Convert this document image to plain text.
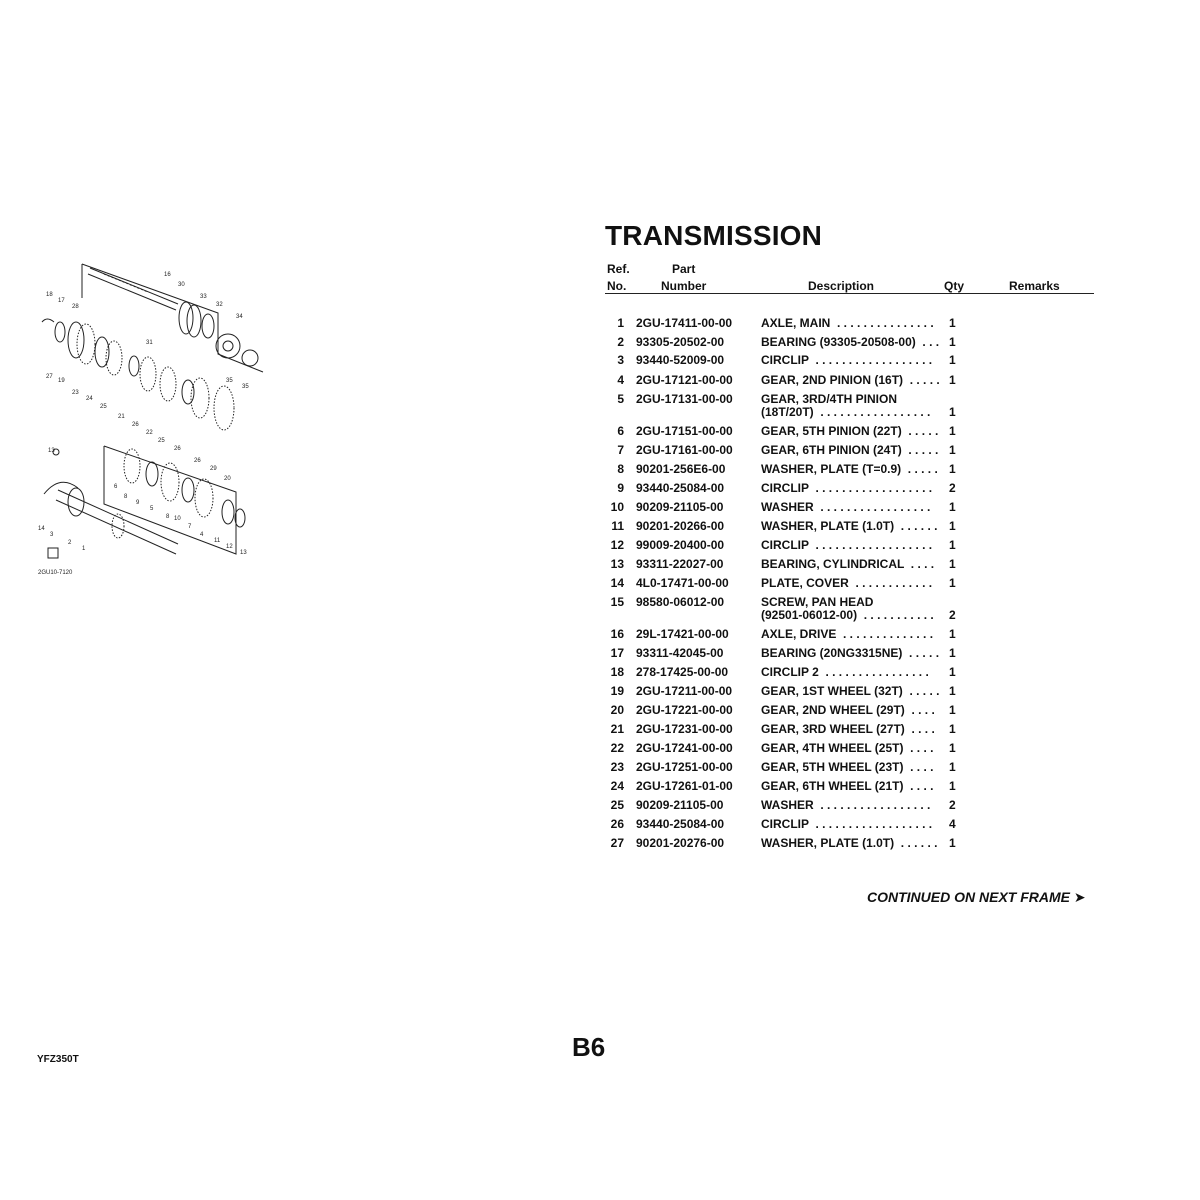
16
30
33
32
34
18
17
28
31
27
19
23
24
25
21
26
22
25
26
26
29
20
35
35
13
14
3
2
1
6
8
9
5
8 10
7
4
11
12
13
2GU10-7120
TRANSMISSION
Ref.
No.
Part
Number	Description	Qty	Remarks
1 2GU-17411-00-00 AXLE, MAIN  . . . . . . . . . . . . . . . 1
2 93305-20502-00	BEARING (93305-20508-00)  . . . 1
3 93440-52009-00	CIRCLIP  . . . . . . . . . . . . . . . . . . 1
4 2GU-17121-00-00 GEAR, 2ND PINION (16T)  . . . . . 1
5 2GU-17131-00-00 GEAR, 3RD/4TH PINION
(18T/20T)  . . . . . . . . . . . . . . . . . 1
6 2GU-17151-00-00 GEAR, 5TH PINION (22T)  . . . . . 1
7 2GU-17161-00-00 GEAR, 6TH PINION (24T)  . . . . . 1
8 90201-256E6-00	WASHER, PLATE (T=0.9)  . . . . . 1
9 93440-25084-00	CIRCLIP  . . . . . . . . . . . . . . . . . . 2
10 90209-21105-00	WASHER  . . . . . . . . . . . . . . . . . 1
11 90201-20266-00	WASHER, PLATE (1.0T)  . . . . . . 1
12 99009-20400-00	CIRCLIP  . . . . . . . . . . . . . . . . . . 1
13 93311-22027-00	BEARING, CYLINDRICAL  . . . . 1
14 4L0-17471-00-00	PLATE, COVER  . . . . . . . . . . . . 1
15 98580-06012-00	SCREW, PAN HEAD
(92501-06012-00)  . . . . . . . . . . . 2
16 29L-17421-00-00	AXLE, DRIVE  . . . . . . . . . . . . . . 1
17 93311-42045-00	BEARING (20NG3315NE)  . . . . . 1
18 278-17425-00-00	CIRCLIP 2  . . . . . . . . . . . . . . . . 1
19 2GU-17211-00-00 GEAR, 1ST WHEEL (32T)  . . . . . 1
20 2GU-17221-00-00 GEAR, 2ND WHEEL (29T)  . . . . 1
21 2GU-17231-00-00 GEAR, 3RD WHEEL (27T)  . . . . 1
22 2GU-17241-00-00 GEAR, 4TH WHEEL (25T)  . . . . 1
23 2GU-17251-00-00 GEAR, 5TH WHEEL (23T)  . . . . 1
24 2GU-17261-01-00 GEAR, 6TH WHEEL (21T)  . . . . 1
25 90209-21105-00	WASHER  . . . . . . . . . . . . . . . . . 2
26 93440-25084-00	CIRCLIP  . . . . . . . . . . . . . . . . . . 4
27 90201-20276-00	WASHER, PLATE (1.0T)  . . . . . . 1
CONTINUED ON NEXT FRAME ➤
B6
YFZ350T
